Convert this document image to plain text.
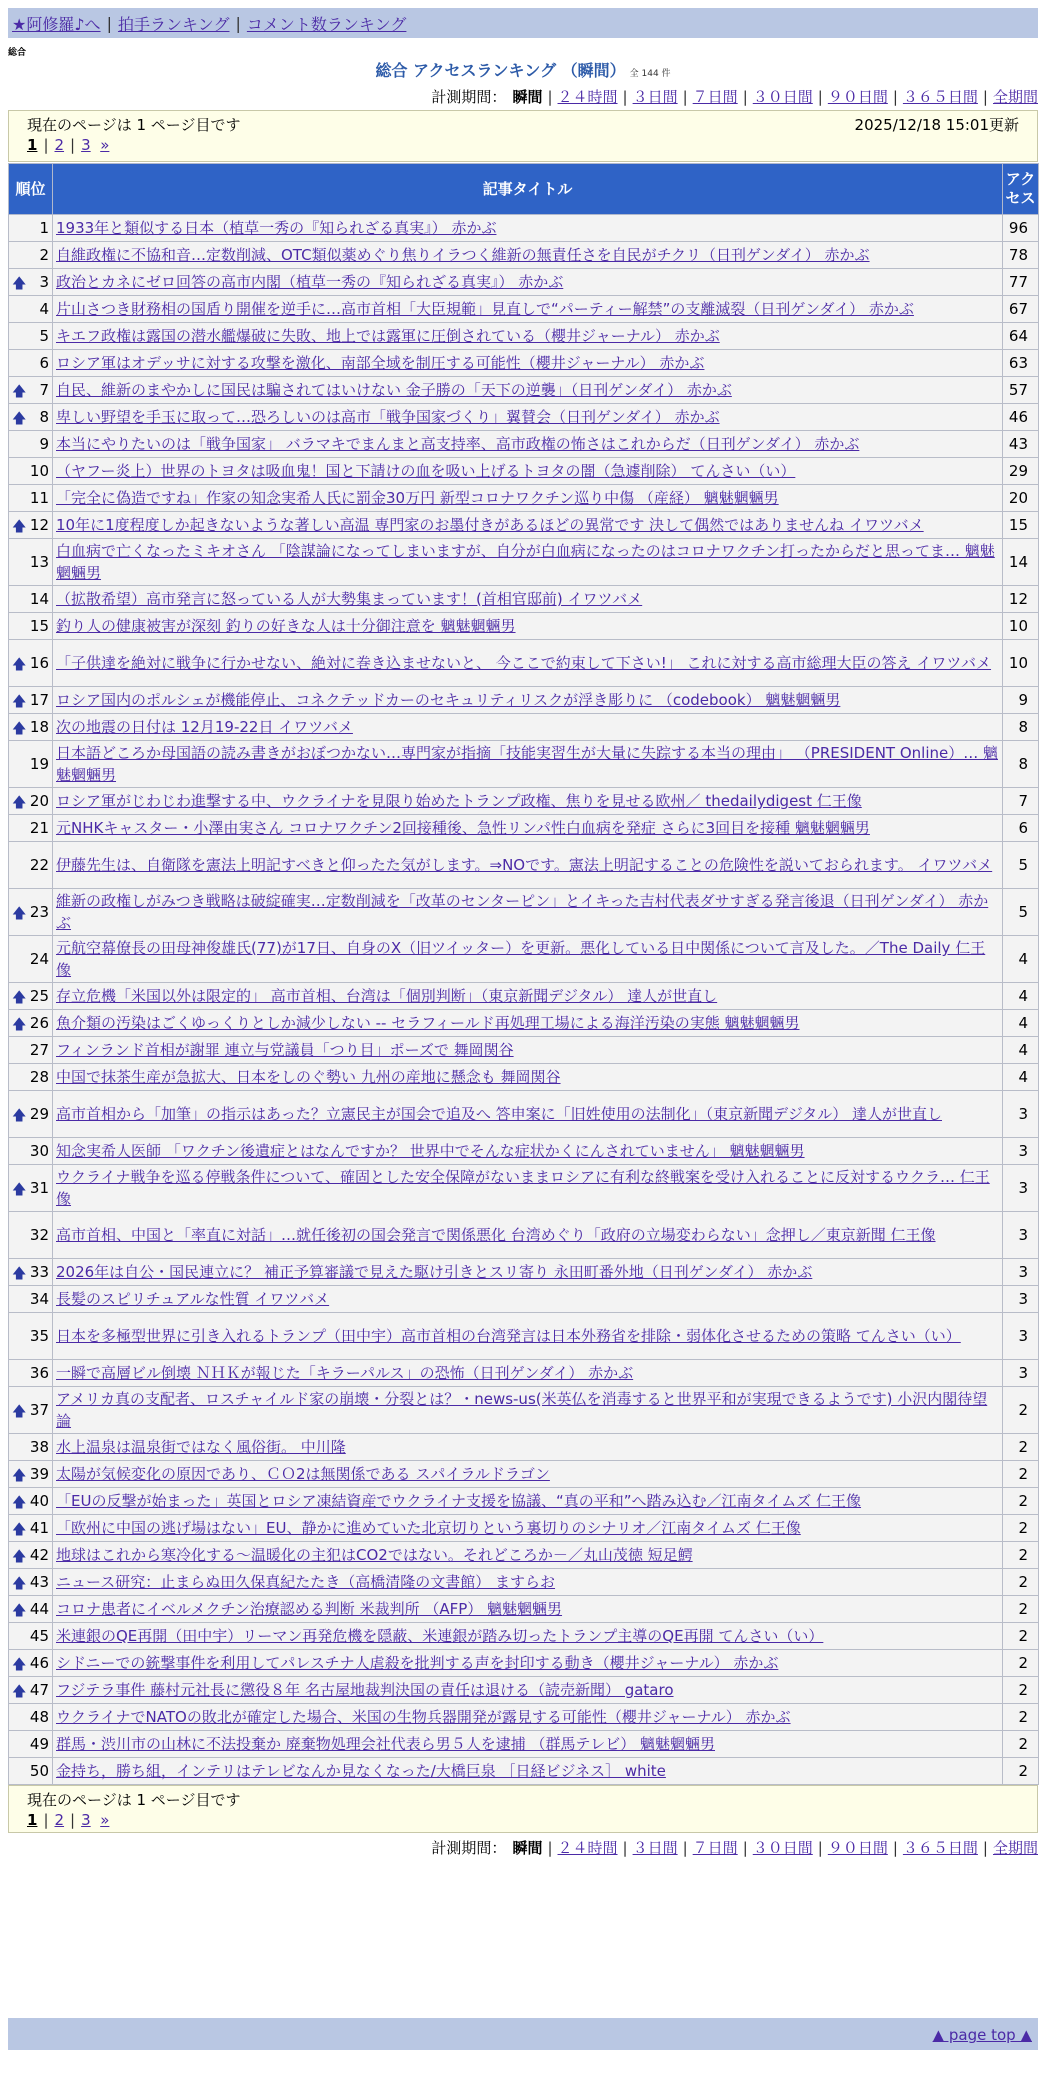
★阿修羅♪へ | 拍手ランキング | コメント数ランキング
総合
総合 アクセスランキング （瞬間） 全 144 件
計測期間： 瞬間 | ２４時間 | ３日間 | ７日間 | ３０日間 | ９０日間 | ３６５日間 | 全期間
現在のページは 1 ページ目です	2025/12/18 15:01更新
1 | 2 | 3
»
順位	記事タイトル	アクセス
1	1933年と類似する日本（植草一秀の『知られざる真実』） 赤かぶ	96
2	自維政権に不協和音…定数削減、OTC類似薬めぐり焦りイラつく維新の無責任さを自民がチクリ（日刊ゲンダイ） 赤かぶ	78

🡅 3	政治とカネにゼロ回答の高市内閣（植草一秀の『知られざる真実』） 赤かぶ	77
4	片山さつき財務相の国盾り開催を逆手に…高市首相「大臣規範」見直しで“パーティー解禁”の支離滅裂（日刊ゲンダイ） 赤かぶ	67
5	キエフ政権は露国の潜水艦爆破に失敗、地上では露軍に圧倒されている（櫻井ジャーナル） 赤かぶ	64
6	ロシア軍はオデッサに対する攻撃を激化、南部全域を制圧する可能性（櫻井ジャーナル） 赤かぶ	63

🡅 7	自民、維新のまやかしに国民は騙されてはいけない 金子勝の「天下の逆襲」（日刊ゲンダイ） 赤かぶ	57

🡅 8	卑しい野望を手玉に取って…恐ろしいのは高市「戦争国家づくり」翼賛会（日刊ゲンダイ） 赤かぶ	46
9	本当にやりたいのは「戦争国家」 バラマキでまんまと高支持率、高市政権の怖さはこれからだ（日刊ゲンダイ） 赤かぶ	43
10	（ヤフー炎上）世界のトヨタは吸血鬼！国と下請けの血を吸い上げるトヨタの闇（急遽削除） てんさい（い）	29
11	「完全に偽造ですね」作家の知念実希人氏に罰金30万円 新型コロナワクチン巡り中傷 （産経） 魑魅魍魎男	20

🡅 12	10年に1度程度しか起きないような著しい高温 専門家のお墨付きがあるほどの異常です 決して偶然ではありませんね イワツバメ	15
13	白血病で亡くなったミキオさん 「陰謀論になってしまいますが、自分が白血病になったのはコロナワクチン打ったからだと思ってま… 魑魅魍魎男	14
14	（拡散希望）高市発言に怒っている人が大勢集まっています！(首相官邸前) イワツバメ	12
15	釣り人の健康被害が深刻 釣りの好きな人は十分御注意を 魑魅魍魎男	10

🡅 16	「子供達を絶対に戦争に行かせない、絶対に巻き込ませないと、 今ここで約束して下さい!」 これに対する高市総理大臣の答え イワツバメ	10

🡅 17	ロシア国内のポルシェが機能停止、コネクテッドカーのセキュリティリスクが浮き彫りに （codebook） 魑魅魍魎男	9

🡅 18	次の地震の日付は 12月19-22日 イワツバメ	8
19	日本語どころか母国語の読み書きがおぼつかない…専門家が指摘「技能実習生が大量に失踪する本当の理由」 （PRESIDENT Online）… 魑魅魍魎男	8

🡅 20	ロシア軍がじわじわ進撃する中、ウクライナを見限り始めたトランプ政権、焦りを見せる欧州／ thedailydigest 仁王像	7
21	元NHKキャスター・小澤由実さん コロナワクチン2回接種後、急性リンパ性白血病を発症 さらに3回目を接種 魑魅魍魎男	6
22	伊藤先生は、自衛隊を憲法上明記すべきと仰ったた気がします。⇒NOです。憲法上明記することの危険性を説いておられます。 イワツバメ	5

🡅 23	維新の政権しがみつき戦略は破綻確実…定数削減を「改革のセンターピン」とイキった吉村代表ダサすぎる発言後退（日刊ゲンダイ） 赤かぶ	5
24	元航空幕僚長の田母神俊雄氏(77)が17日、自身のX（旧ツイッター）を更新。悪化している日中関係について言及した。／The Daily 仁王像	4

🡅 25	存立危機「米国以外は限定的」 高市首相、台湾は「個別判断」（東京新聞デジタル） 達人が世直し	4

🡅 26	魚介類の汚染はごくゆっくりとしか減少しない -- セラフィールド再処理工場による海洋汚染の実態 魑魅魍魎男	4
27	フィンランド首相が謝罪 連立与党議員「つり目」ポーズで 舞岡関谷	4
28	中国で抹茶生産が急拡大、日本をしのぐ勢い 九州の産地に懸念も 舞岡関谷	4

🡅 29	高市首相から「加筆」の指示はあった？立憲民主が国会で追及へ 答申案に「旧姓使用の法制化」（東京新聞デジタル） 達人が世直し	3
30	知念実希人医師 「ワクチン後遺症とはなんですか？ 世界中でそんな症状かくにんされていません」 魑魅魍魎男	3

🡅 31	ウクライナ戦争を巡る停戦条件について、確固とした安全保障がないままロシアに有利な終戦案を受け入れることに反対するウクラ… 仁王像	3
32	高市首相、中国と「率直に対話」…就任後初の国会発言で関係悪化 台湾めぐり「政府の立場変わらない」念押し／東京新聞 仁王像	3

🡅 33	2026年は自公・国民連立に？ 補正予算審議で見えた駆け引きとスリ寄り 永田町番外地（日刊ゲンダイ） 赤かぶ	3
34	長髪のスピリチュアルな性質 イワツバメ	3
35	日本を多極型世界に引き入れるトランプ（田中宇）高市首相の台湾発言は日本外務省を排除・弱体化させるための策略 てんさい（い）	3
36	一瞬で高層ビル倒壊 ＮＨＫが報じた「キラーパルス」の恐怖（日刊ゲンダイ） 赤かぶ	3

🡅 37	アメリカ真の支配者、ロスチャイルド家の崩壊・分裂とは？・news-us(米英仏を消毒すると世界平和が実現できるようです) 小沢内閣待望論	2
38	水上温泉は温泉街ではなく風俗街。 中川隆	2

🡅 39	太陽が気候変化の原因であり、ＣＯ2は無関係である スパイラルドラゴン	2

🡅 40	「EUの反撃が始まった」英国とロシア凍結資産でウクライナ支援を協議、“真の平和”へ踏み込む／江南タイムズ 仁王像	2

🡅 41	「欧州に中国の逃げ場はない」EU、静かに進めていた北京切りという裏切りのシナリオ／江南タイムズ 仁王像	2

🡅 42	地球はこれから寒冷化する～温暖化の主犯はCO2ではない。それどころか－／丸山茂徳 短足鰐	2

🡅 43	ニュース研究：止まらぬ田久保真紀たたき（高橋清隆の文書館） ますらお	2

🡅 44	コロナ患者にイベルメクチン治療認める判断 米裁判所 （AFP） 魑魅魍魎男	2
45	米連銀のQE再開（田中宇）リーマン再発危機を隠蔽、米連銀が踏み切ったトランプ主導のQE再開 てんさい（い）	2

🡅 46	シドニーでの銃撃事件を利用してパレスチナ人虐殺を批判する声を封印する動き（櫻井ジャーナル） 赤かぶ	2

🡅 47	フジテラ事件 藤村元社長に懲役８年 名古屋地裁判決国の責任は退ける（読売新聞） gataro	2
48	ウクライナでNATOの敗北が確定した場合、米国の生物兵器開発が露見する可能性（櫻井ジャーナル） 赤かぶ	2
49	群馬・渋川市の山林に不法投棄か 廃棄物処理会社代表ら男５人を逮捕 （群馬テレビ） 魑魅魍魎男	2
50	金持ち，勝ち組，インテリはテレビなんか見なくなった/大橋巨泉 ［日経ビジネス］ white	2
現在のページは 1 ページ目です
1 | 2 | 3
»
計測期間： 瞬間 | ２４時間 | ３日間 | ７日間 | ３０日間 | ９０日間 | ３６５日間 | 全期間
▲ page top ▲
